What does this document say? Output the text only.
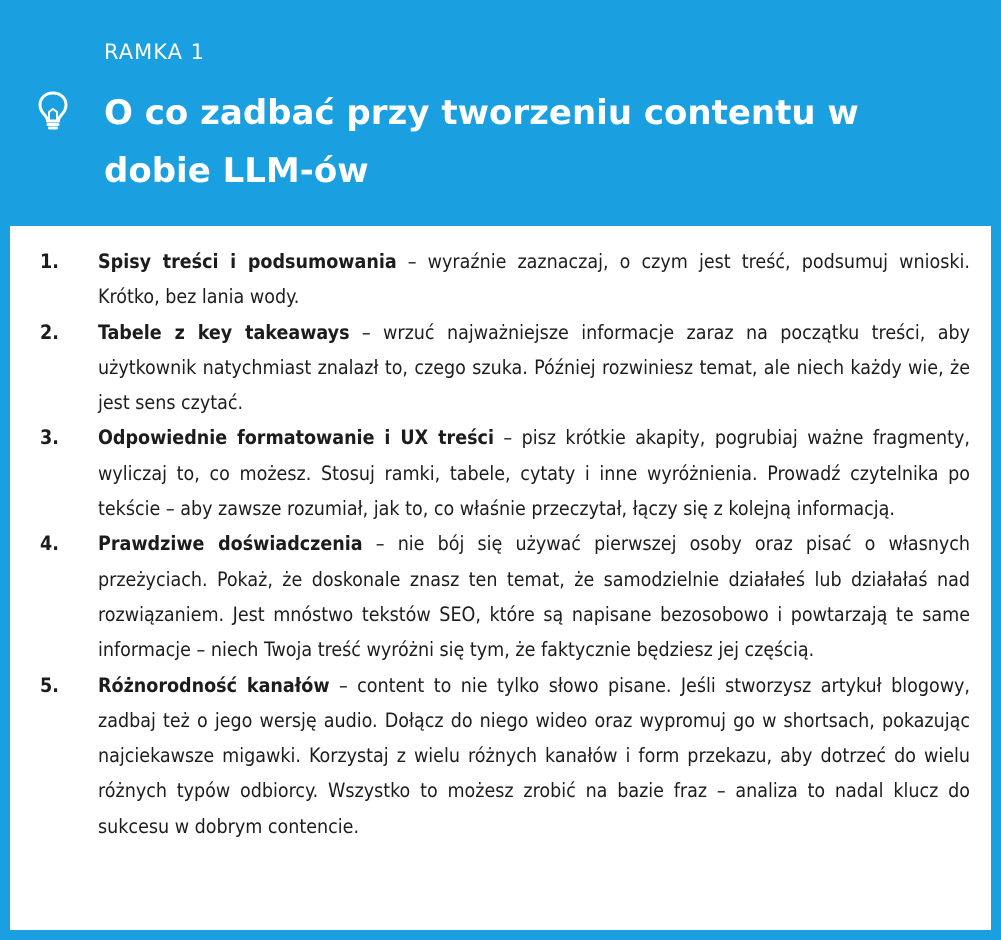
RAMKA 1
O co zadbać przy tworzeniu contentu w dobie LLM-ów
1. Spisy treści i podsumowania – wyraźnie zaznaczaj, o czym jest treść, podsumuj wnioski. Krótko, bez lania wody.
2. Tabele z key takeaways – wrzuć najważniejsze informacje zaraz na początku treści, aby użytkownik natychmiast znalazł to, czego szuka. Później rozwiniesz temat, ale niech każdy wie, że jest sens czytać.
3. Odpowiednie formatowanie i UX treści – pisz krótkie akapity, pogrubiaj ważne fragmenty, wyliczaj to, co możesz. Stosuj ramki, tabele, cytaty i inne wyróżnienia. Prowadź czytelnika po tekście – aby zawsze rozumiał, jak to, co właśnie przeczytał, łączy się z kolejną informacją.
4. Prawdziwe doświadczenia – nie bój się używać pierwszej osoby oraz pisać o własnych przeżyciach. Pokaż, że doskonale znasz ten temat, że samodzielnie działałeś lub działałaś nad rozwiązaniem. Jest mnóstwo tekstów SEO, które są napisane bezosobowo i powtarzają te same informacje – niech Twoja treść wyróżni się tym, że faktycznie będziesz jej częścią.
5. Różnorodność kanałów – content to nie tylko słowo pisane. Jeśli stworzysz artykuł blogowy, zadbaj też o jego wersję audio. Dołącz do niego wideo oraz wypromuj go w shortsach, pokazując najciekawsze migawki. Korzystaj z wielu różnych kanałów i form przekazu, aby dotrzeć do wielu różnych typów odbiorcy. Wszystko to możesz zrobić na bazie fraz – analiza to nadal klucz do sukcesu w dobrym contencie.
